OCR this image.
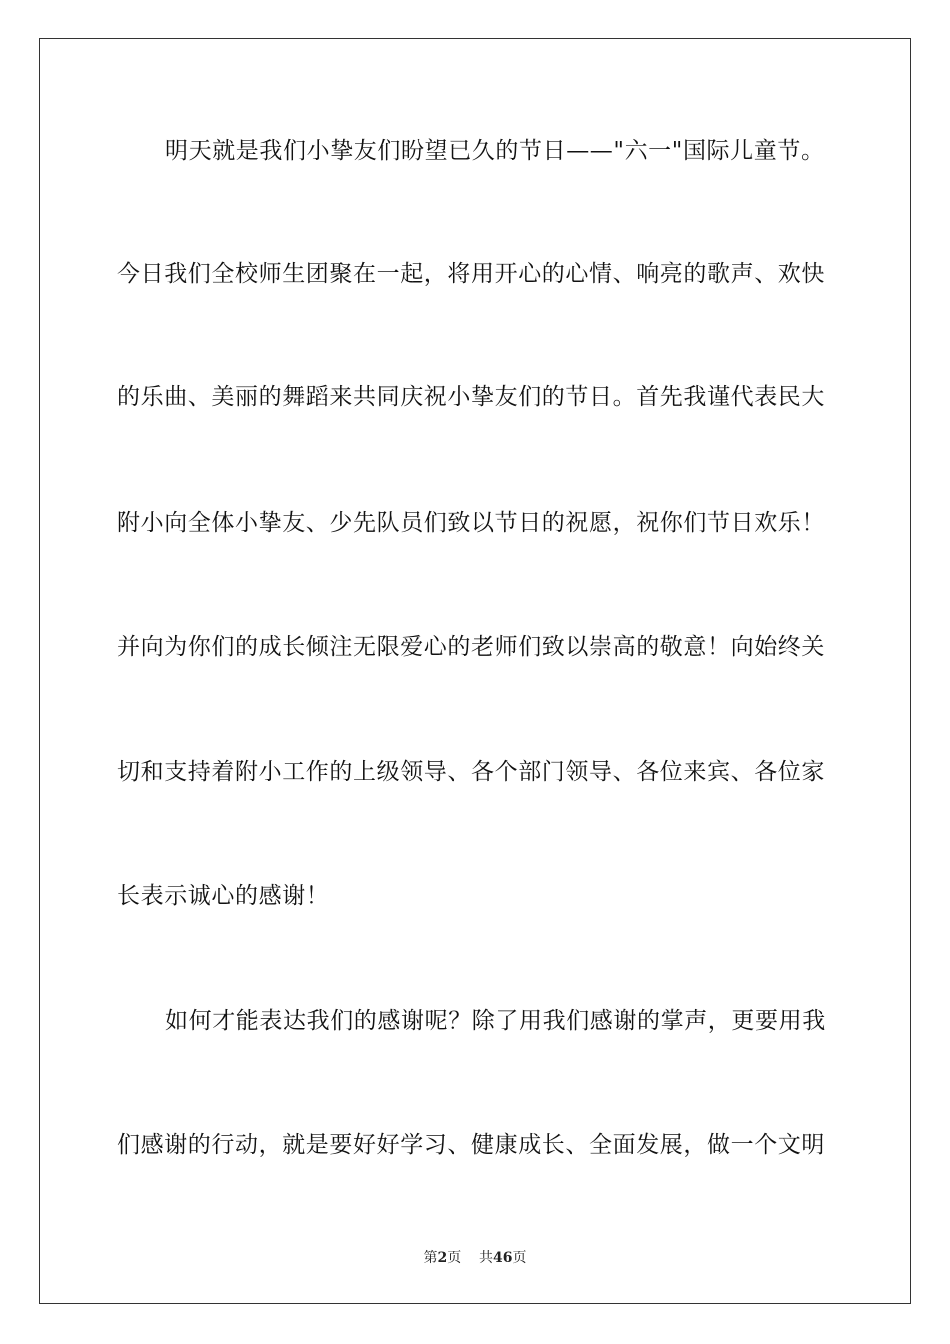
明天就是我们小挚友们盼望已久的节日——"六一"国际儿童节。
今日我们全校师生团聚在一起，将用开心的心情、响亮的歌声、欢快
的乐曲、美丽的舞蹈来共同庆祝小挚友们的节日。首先我谨代表民大
附小向全体小挚友、少先队员们致以节日的祝愿，祝你们节日欢乐！
并向为你们的成长倾注无限爱心的老师们致以崇高的敬意！向始终关
切和支持着附小工作的上级领导、各个部门领导、各位来宾、各位家
长表示诚心的感谢！
如何才能表达我们的感谢呢？除了用我们感谢的掌声，更要用我
们感谢的行动，就是要好好学习、健康成长、全面发展，做一个文明
第2页 共46页
